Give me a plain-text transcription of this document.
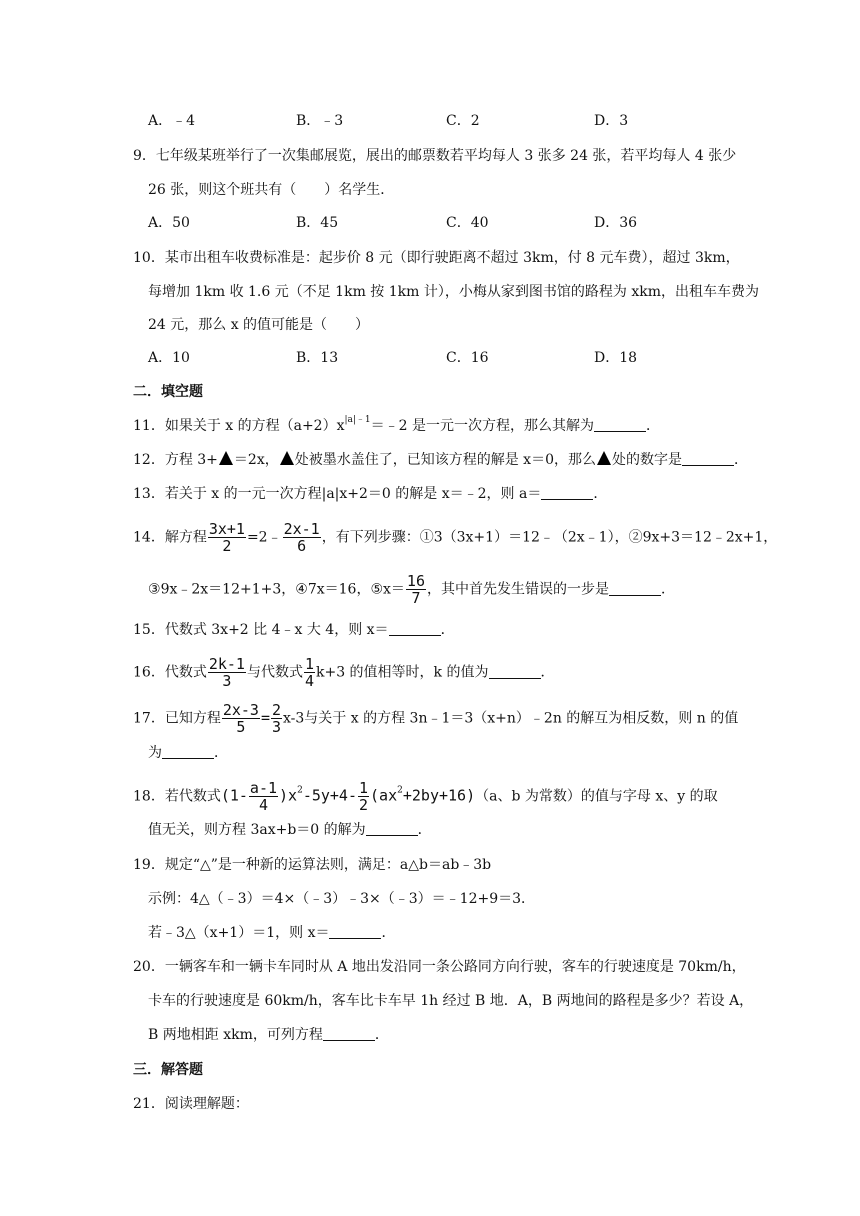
A．﹣4	B．﹣3	C．2	D．3
9．七年级某班举行了一次集邮展览，展出的邮票数若平均每人 3 张多 24 张，若平均每人 4 张少
26 张，则这个班共有（　　）名学生．
A．50	B．45	C．40	D．36
10．某市出租车收费标准是：起步价 8 元（即行驶距离不超过 3km，付 8 元车费），超过 3km，
每增加 1km 收 1.6 元（不足 1km 按 1km 计），小梅从家到图书馆的路程为 xkm，出租车车费为
24 元，那么 x 的值可能是（　　）
A．10	B．13	C．16	D．18
二．填空题
11．如果关于 x 的方程$(a+2)x^{|a|﹣1}=﹣2$ 是一元一次方程，那么其解为	．
12．方程 3+ ＝2x， 处被墨水盖住了，已知该方程的解是 x＝0，那么 处的数字是	．
13．若关于 x 的一元一次方程|a|x+2＝0 的解是 x＝﹣2，则 a＝	．
14．解方程 $\frac{3x+1}{2}$ =2﹣ $\frac{2x-1}{6}$ ，有下列步骤：①3（3x+1）＝12﹣（2x﹣1），②9x+3＝12﹣2x+1，
③9x﹣2x＝12+1+3，④7x＝16，⑤x＝ $\frac{16}{7}$ ，其中首先发生错误的一步是	．
15．代数式 3x+2 比 4﹣x 大 4，则 x＝	．
16．代数式 $\frac{2k-1}{3}$ 与代数式 $\frac{1}{4} k+3$ 的值相等时，k 的值为	．
17．已知方程 $\frac{2x-3}{5} = \frac{2}{3} x-3$与关于 x 的方程 3n﹣1＝3（x+n）﹣2n 的解互为相反数，则 n 的值
为	．
18．若代数式$(1- \frac{a-1}{4} )x^2-5y+4- \frac{1}{2} (ax^2+2by+16)(a$、b 为常数）的值与字母 x、y 的取
值无关，则方程 3ax+b＝0 的解为	．
19．规定“△”是一种新的运算法则，满足：a△b＝ab﹣3b
示例：4△（﹣3）＝4×（﹣3）﹣3×（﹣3）＝﹣12+9＝3．
若﹣3△（x+1）＝1，则 x＝	．
20．一辆客车和一辆卡车同时从 A 地出发沿同一条公路同方向行驶，客车的行驶速度是 70km/h，
卡车的行驶速度是 60km/h，客车比卡车早 1h 经过 B 地．A，B 两地间的路程是多少？若设 A，
B 两地相距 xkm，可列方程	．
三．解答题
21．阅读理解题：
